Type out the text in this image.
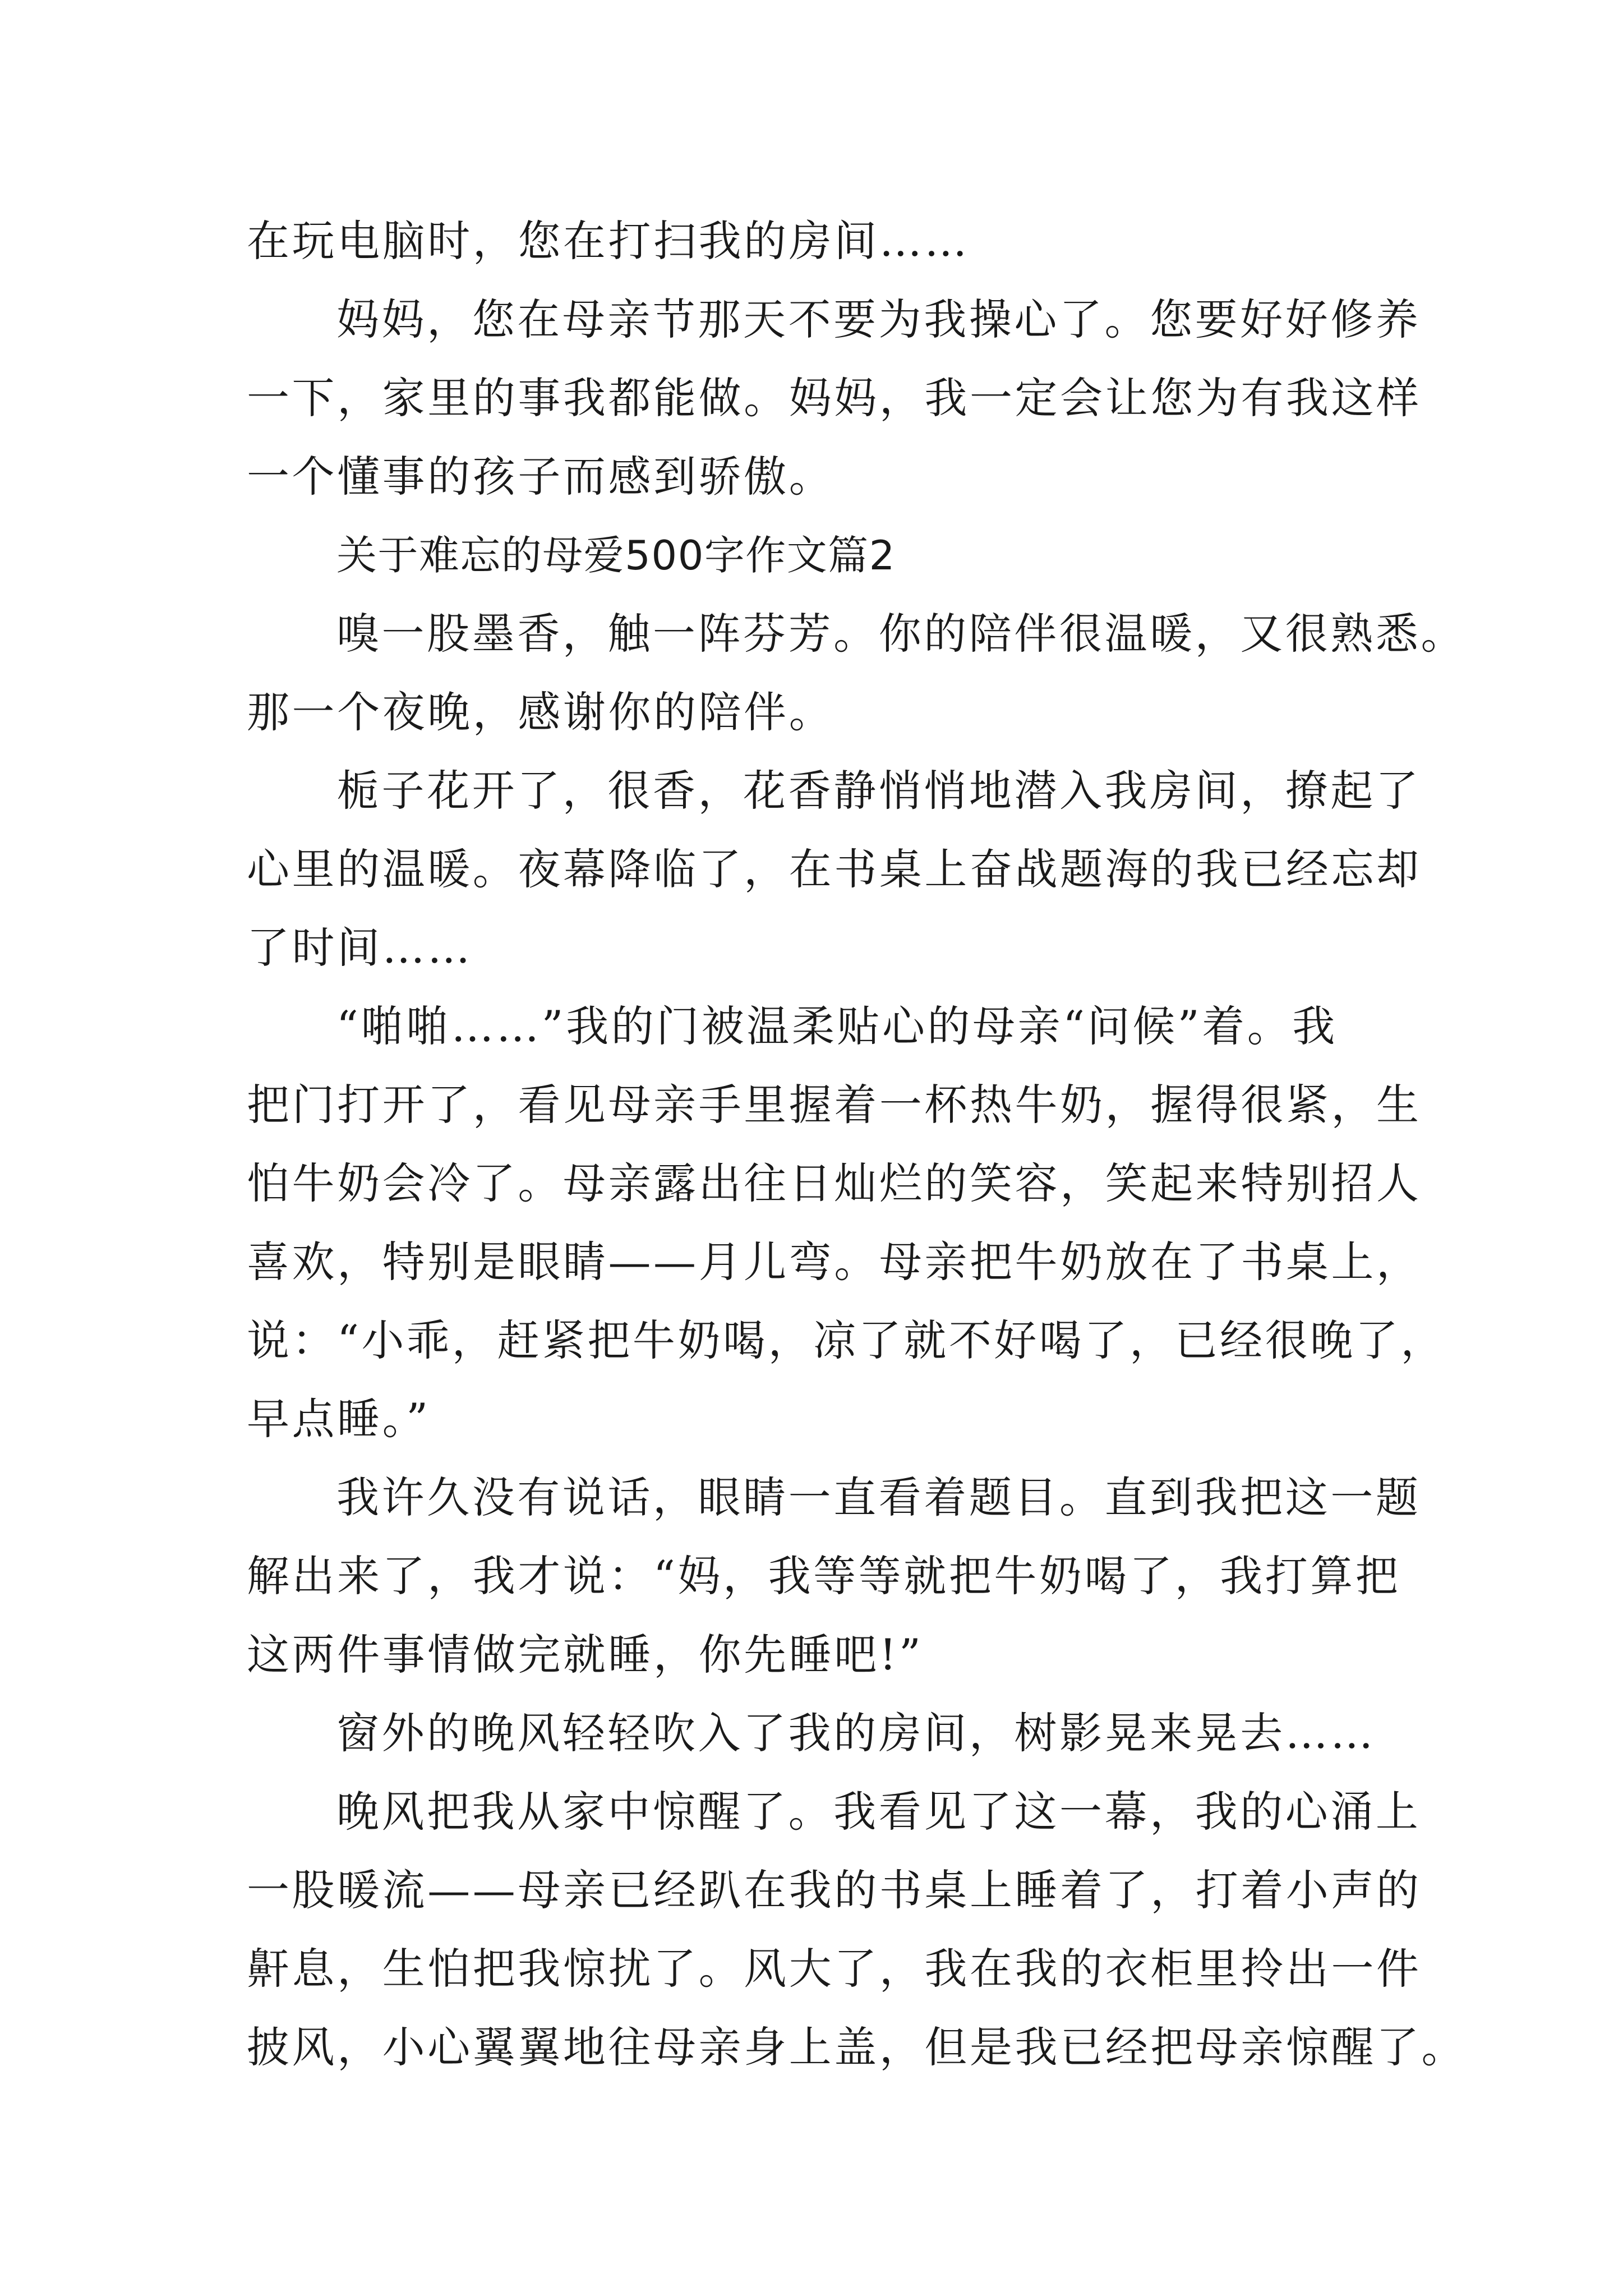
在玩电脑时，您在打扫我的房间……
妈妈，您在母亲节那天不要为我操心了。您要好好修养
一下，家里的事我都能做。妈妈，我一定会让您为有我这样
一个懂事的孩子而感到骄傲。
关于难忘的母爱500字作文篇2
嗅一股墨香，触一阵芬芳。你的陪伴很温暖，又很熟悉。
那一个夜晚，感谢你的陪伴。
栀子花开了，很香，花香静悄悄地潜入我房间，撩起了
心里的温暖。夜幕降临了，在书桌上奋战题海的我已经忘却
了时间……
“啪啪……”我的门被温柔贴心的母亲“问候”着。我
把门打开了，看见母亲手里握着一杯热牛奶，握得很紧，生
怕牛奶会冷了。母亲露出往日灿烂的笑容，笑起来特别招人
喜欢，特别是眼睛——月儿弯。母亲把牛奶放在了书桌上，
说：“小乖，赶紧把牛奶喝，凉了就不好喝了，已经很晚了，
早点睡。”
我许久没有说话，眼睛一直看着题目。直到我把这一题
解出来了，我才说：“妈，我等等就把牛奶喝了，我打算把
这两件事情做完就睡，你先睡吧!”
窗外的晚风轻轻吹入了我的房间，树影晃来晃去……
晚风把我从家中惊醒了。我看见了这一幕，我的心涌上
一股暖流——母亲已经趴在我的书桌上睡着了，打着小声的
鼾息，生怕把我惊扰了。风大了，我在我的衣柜里拎出一件
披风，小心翼翼地往母亲身上盖，但是我已经把母亲惊醒了。
